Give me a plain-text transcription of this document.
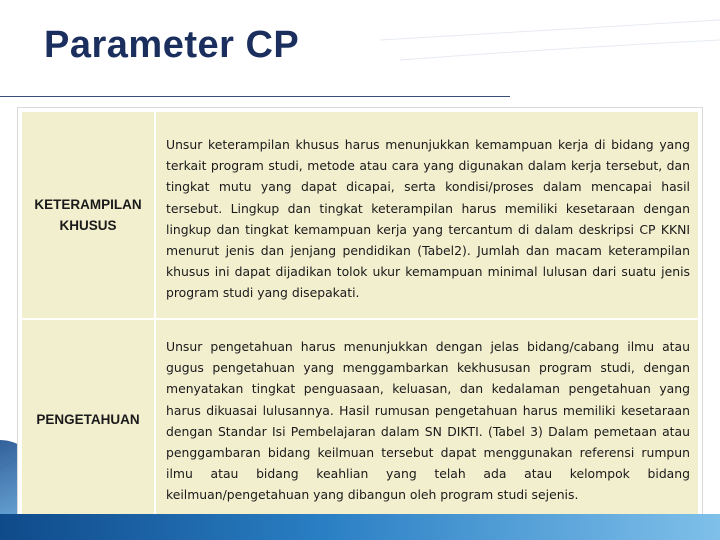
Parameter CP
KETERAMPILAN KHUSUS

Unsur keterampilan khusus harus menunjukkan kemampuan kerja di bidang yang terkait program studi, metode atau cara yang digunakan dalam kerja tersebut, dan tingkat mutu yang dapat dicapai, serta kondisi/proses dalam mencapai hasil tersebut. Lingkup dan tingkat keterampilan harus memiliki kesetaraan dengan lingkup dan tingkat kemampuan kerja yang tercantum di dalam deskripsi CP KKNI menurut jenis dan jenjang pendidikan (Tabel2). Jumlah dan macam keterampilan khusus ini dapat dijadikan tolok ukur kemampuan minimal lulusan dari suatu jenis program studi yang disepakati.

PENGETAHUAN

Unsur pengetahuan harus menunjukkan dengan jelas bidang/cabang ilmu atau gugus pengetahuan yang menggambarkan kekhususan program studi, dengan menyatakan tingkat penguasaan, keluasan, dan kedalaman pengetahuan yang harus dikuasai lulusannya. Hasil rumusan pengetahuan harus memiliki kesetaraan dengan Standar Isi Pembelajaran dalam SN DIKTI. (Tabel 3) Dalam pemetaan atau penggambaran bidang keilmuan tersebut dapat menggunakan referensi rumpun ilmu atau bidang keahlian yang telah ada atau kelompok bidang keilmuan/pengetahuan yang dibangun oleh program studi sejenis.
